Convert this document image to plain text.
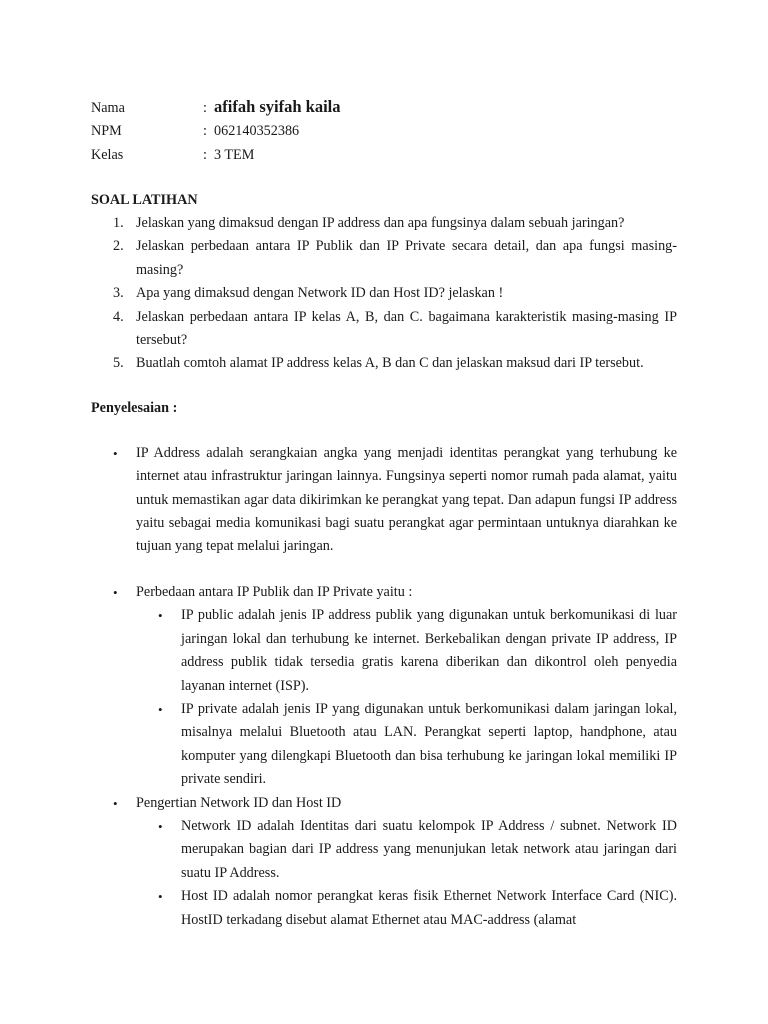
Nama	: afifah syifah kaila
NPM	: 062140352386
Kelas	: 3 TEM
SOAL LATIHAN
1. Jelaskan yang dimaksud dengan IP address dan apa fungsinya dalam sebuah jaringan?
2. Jelaskan perbedaan antara IP Publik dan IP Private secara detail, dan apa fungsi masing-masing?
3. Apa yang dimaksud dengan Network ID dan Host ID? jelaskan !
4. Jelaskan perbedaan antara IP kelas A, B, dan C. bagaimana karakteristik masing-masing IP tersebut?
5. Buatlah comtoh alamat IP address kelas A, B dan C dan jelaskan maksud dari IP tersebut.
Penyelesaian :
•	IP Address adalah serangkaian angka yang menjadi identitas perangkat yang terhubung ke internet atau infrastruktur jaringan lainnya. Fungsinya seperti nomor rumah pada alamat, yaitu untuk memastikan agar data dikirimkan ke perangkat yang tepat. Dan adapun fungsi IP address yaitu sebagai media komunikasi bagi suatu perangkat agar permintaan untuknya diarahkan ke tujuan yang tepat melalui jaringan.
•	Perbedaan antara IP Publik dan IP Private yaitu :
•	IP public adalah jenis IP address publik yang digunakan untuk berkomunikasi di luar jaringan lokal dan terhubung ke internet. Berkebalikan dengan private IP address, IP address publik tidak tersedia gratis karena diberikan dan dikontrol oleh penyedia layanan internet (ISP).
•	IP private adalah jenis IP yang digunakan untuk berkomunikasi dalam jaringan lokal, misalnya melalui Bluetooth atau LAN. Perangkat seperti laptop, handphone, atau komputer yang dilengkapi Bluetooth dan bisa terhubung ke jaringan lokal memiliki IP private sendiri.
•	Pengertian Network ID dan Host ID
•	Network ID adalah Identitas dari suatu kelompok IP Address / subnet. Network ID merupakan bagian dari IP address yang menunjukan letak network atau jaringan dari suatu IP Address.
•	Host ID adalah nomor perangkat keras fisik Ethernet Network Interface Card (NIC). HostID terkadang disebut alamat Ethernet atau MAC-address (alamat
